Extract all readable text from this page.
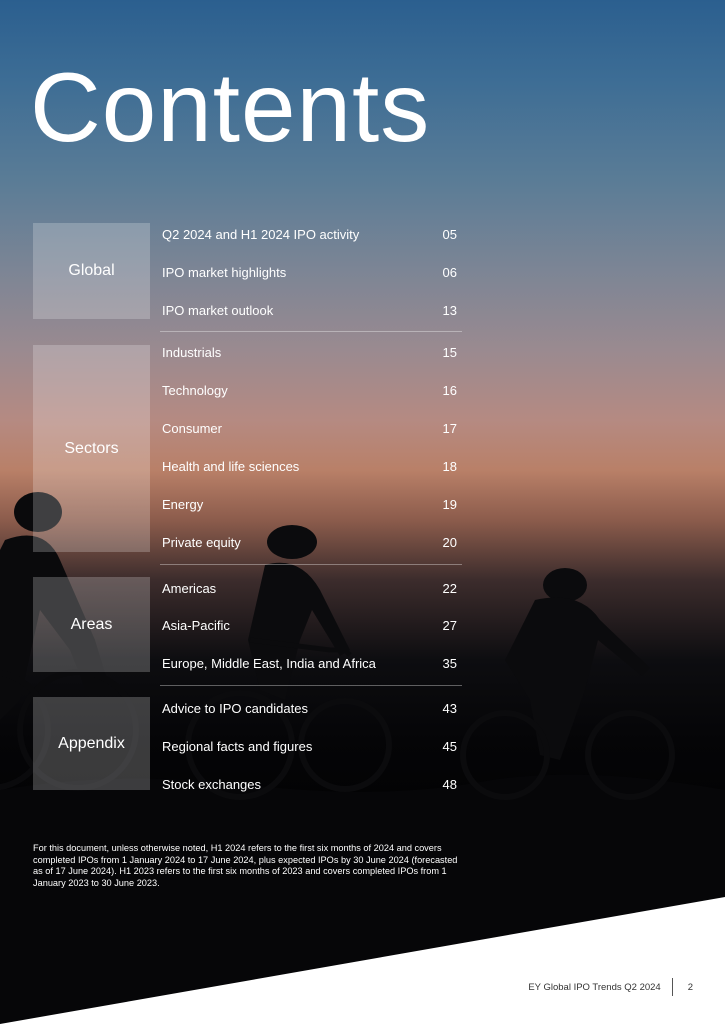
Contents
Global
Q2 2024 and H1 2024 IPO activity	05
IPO market highlights	06
IPO market outlook	13
Sectors
Industrials	15
Technology	16
Consumer	17
Health and life sciences	18
Energy	19
Private equity	20
Areas
Americas	22
Asia-Pacific	27
Europe, Middle East, India and Africa	35
Appendix
Advice to IPO candidates	43
Regional facts and figures	45
Stock exchanges	48
For this document, unless otherwise noted, H1 2024 refers to the first six months of 2024 and covers completed IPOs from 1 January 2024 to 17 June 2024, plus expected IPOs by 30 June 2024 (forecasted as of 17 June 2024). H1 2023 refers to the first six months of 2023 and covers completed IPOs from 1 January 2023 to 30 June 2023.
EY Global IPO Trends Q2 2024	2
